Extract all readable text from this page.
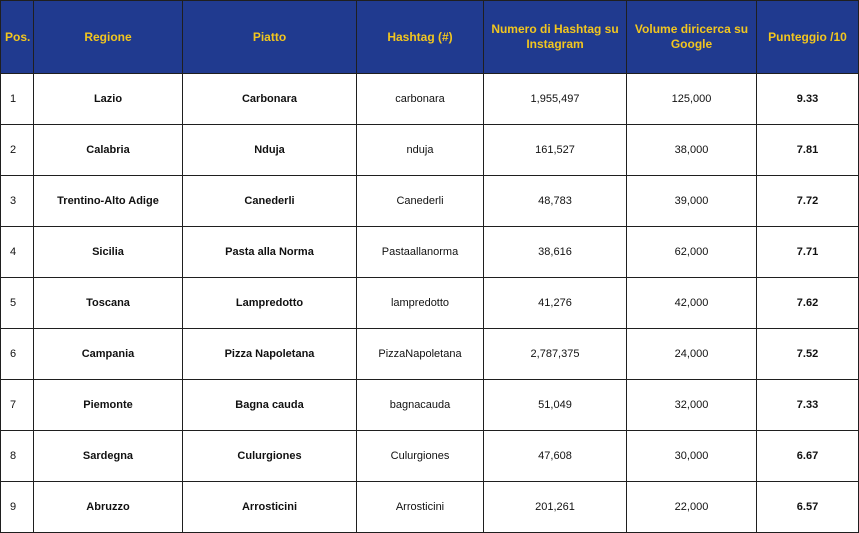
Pos.	Regione	Piatto	Hashtag (#)	Numero di Hashtag su Instagram	Volume diricerca su Google	Punteggio /10
1	Lazio	Carbonara	carbonara	1,955,497	125,000	9.33
2	Calabria	Nduja	nduja	161,527	38,000	7.81
3	Trentino-Alto Adige	Canederli	Canederli	48,783	39,000	7.72
4	Sicilia	Pasta alla Norma	Pastaallanorma	38,616	62,000	7.71
5	Toscana	Lampredotto	lampredotto	41,276	42,000	7.62
6	Campania	Pizza Napoletana	PizzaNapoletana	2,787,375	24,000	7.52
7	Piemonte	Bagna cauda	bagnacauda	51,049	32,000	7.33
8	Sardegna	Culurgiones	Culurgiones	47,608	30,000	6.67
9	Abruzzo	Arrosticini	Arrosticini	201,261	22,000	6.57
